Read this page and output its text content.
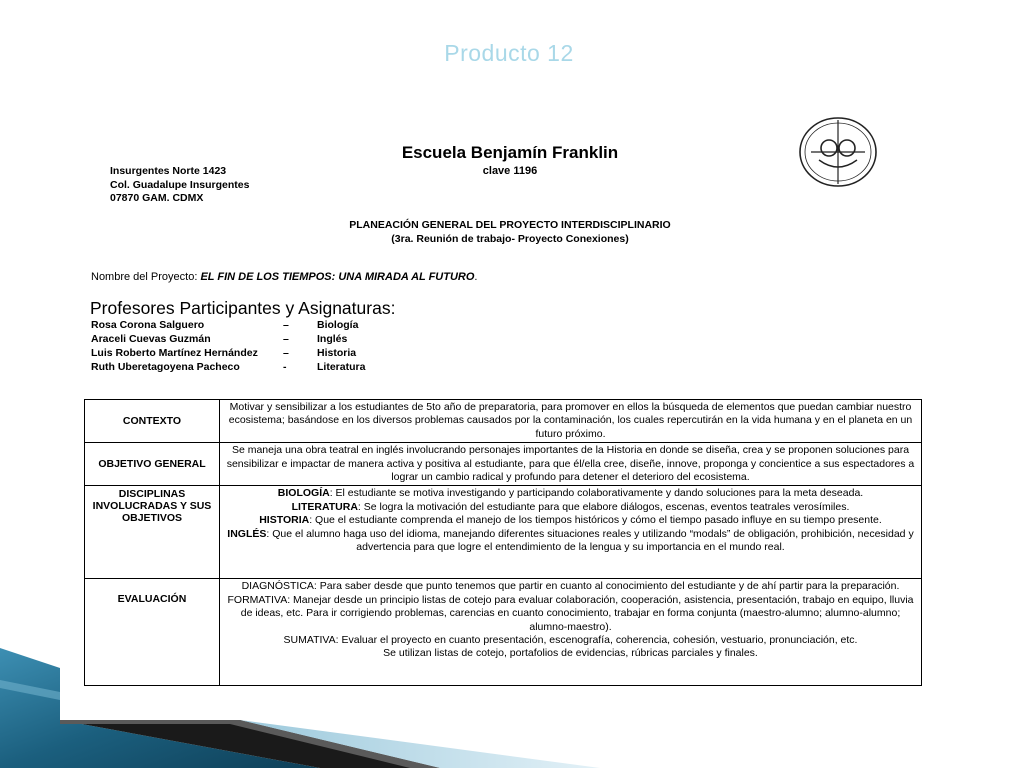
Producto 12
Escuela Benjamín Franklin
clave 1196
Insurgentes Norte 1423
Col. Guadalupe Insurgentes
07870 GAM. CDMX
PLANEACIÓN GENERAL DEL PROYECTO INTERDISCIPLINARIO
(3ra. Reunión de trabajo- Proyecto Conexiones)
Nombre del Proyecto: EL FIN DE LOS TIEMPOS: UNA MIRADA AL FUTURO.
Profesores Participantes y Asignaturas:
Rosa Corona Salguero	–	Biología
Araceli Cuevas Guzmán	–	Inglés
Luis Roberto Martínez Hernández	–	Historia
Ruth Uberetagoyena Pacheco	-	Literatura
CONTEXTO	Motivar y sensibilizar a los estudiantes de 5to año de preparatoria, para promover en ellos la búsqueda de elementos que puedan cambiar nuestro ecosistema; basándose en los diversos problemas causados por la contaminación, los cuales repercutirán en la vida humana y en el planeta en un futuro próximo.
OBJETIVO GENERAL	Se maneja una obra teatral en inglés involucrando personajes importantes de la Historia en donde se diseña, crea y se proponen soluciones para sensibilizar e impactar de manera activa y positiva al estudiante, para que él/ella cree, diseñe, innove, proponga y concientice a sus espectadores a lograr un cambio radical y profundo para detener el deterioro del ecosistema.
DISCIPLINAS INVOLUCRADAS Y SUS OBJETIVOS	BIOLOGÍA: El estudiante se motiva investigando y participando colaborativamente y dando soluciones para la meta deseada.

LITERATURA: Se logra la motivación del estudiante para que elabore diálogos, escenas, eventos teatrales verosímiles.

HISTORIA: Que el estudiante comprenda el manejo de los tiempos históricos y cómo el tiempo pasado influye en su tiempo presente.

INGLÉS: Que el alumno haga uso del idioma, manejando diferentes situaciones reales y utilizando “modals” de obligación, prohibición, necesidad y advertencia para que logre el entendimiento de la lengua y su importancia en el mundo real.

EVALUACIÓN	DIAGNÓSTICA: Para saber desde que punto tenemos que partir en cuanto al conocimiento del estudiante y de ahí partir para la preparación.

FORMATIVA: Manejar desde un principio listas de cotejo para evaluar colaboración, cooperación, asistencia, presentación, trabajo en equipo, lluvia de ideas, etc. Para ir corrigiendo problemas, carencias en cuanto conocimiento, trabajar en forma conjunta (maestro-alumno; alumno-alumno; alumno-maestro).

SUMATIVA: Evaluar el proyecto en cuanto presentación, escenografía, coherencia, cohesión, vestuario, pronunciación, etc.

Se utilizan listas de cotejo, portafolios de evidencias, rúbricas parciales y finales.
